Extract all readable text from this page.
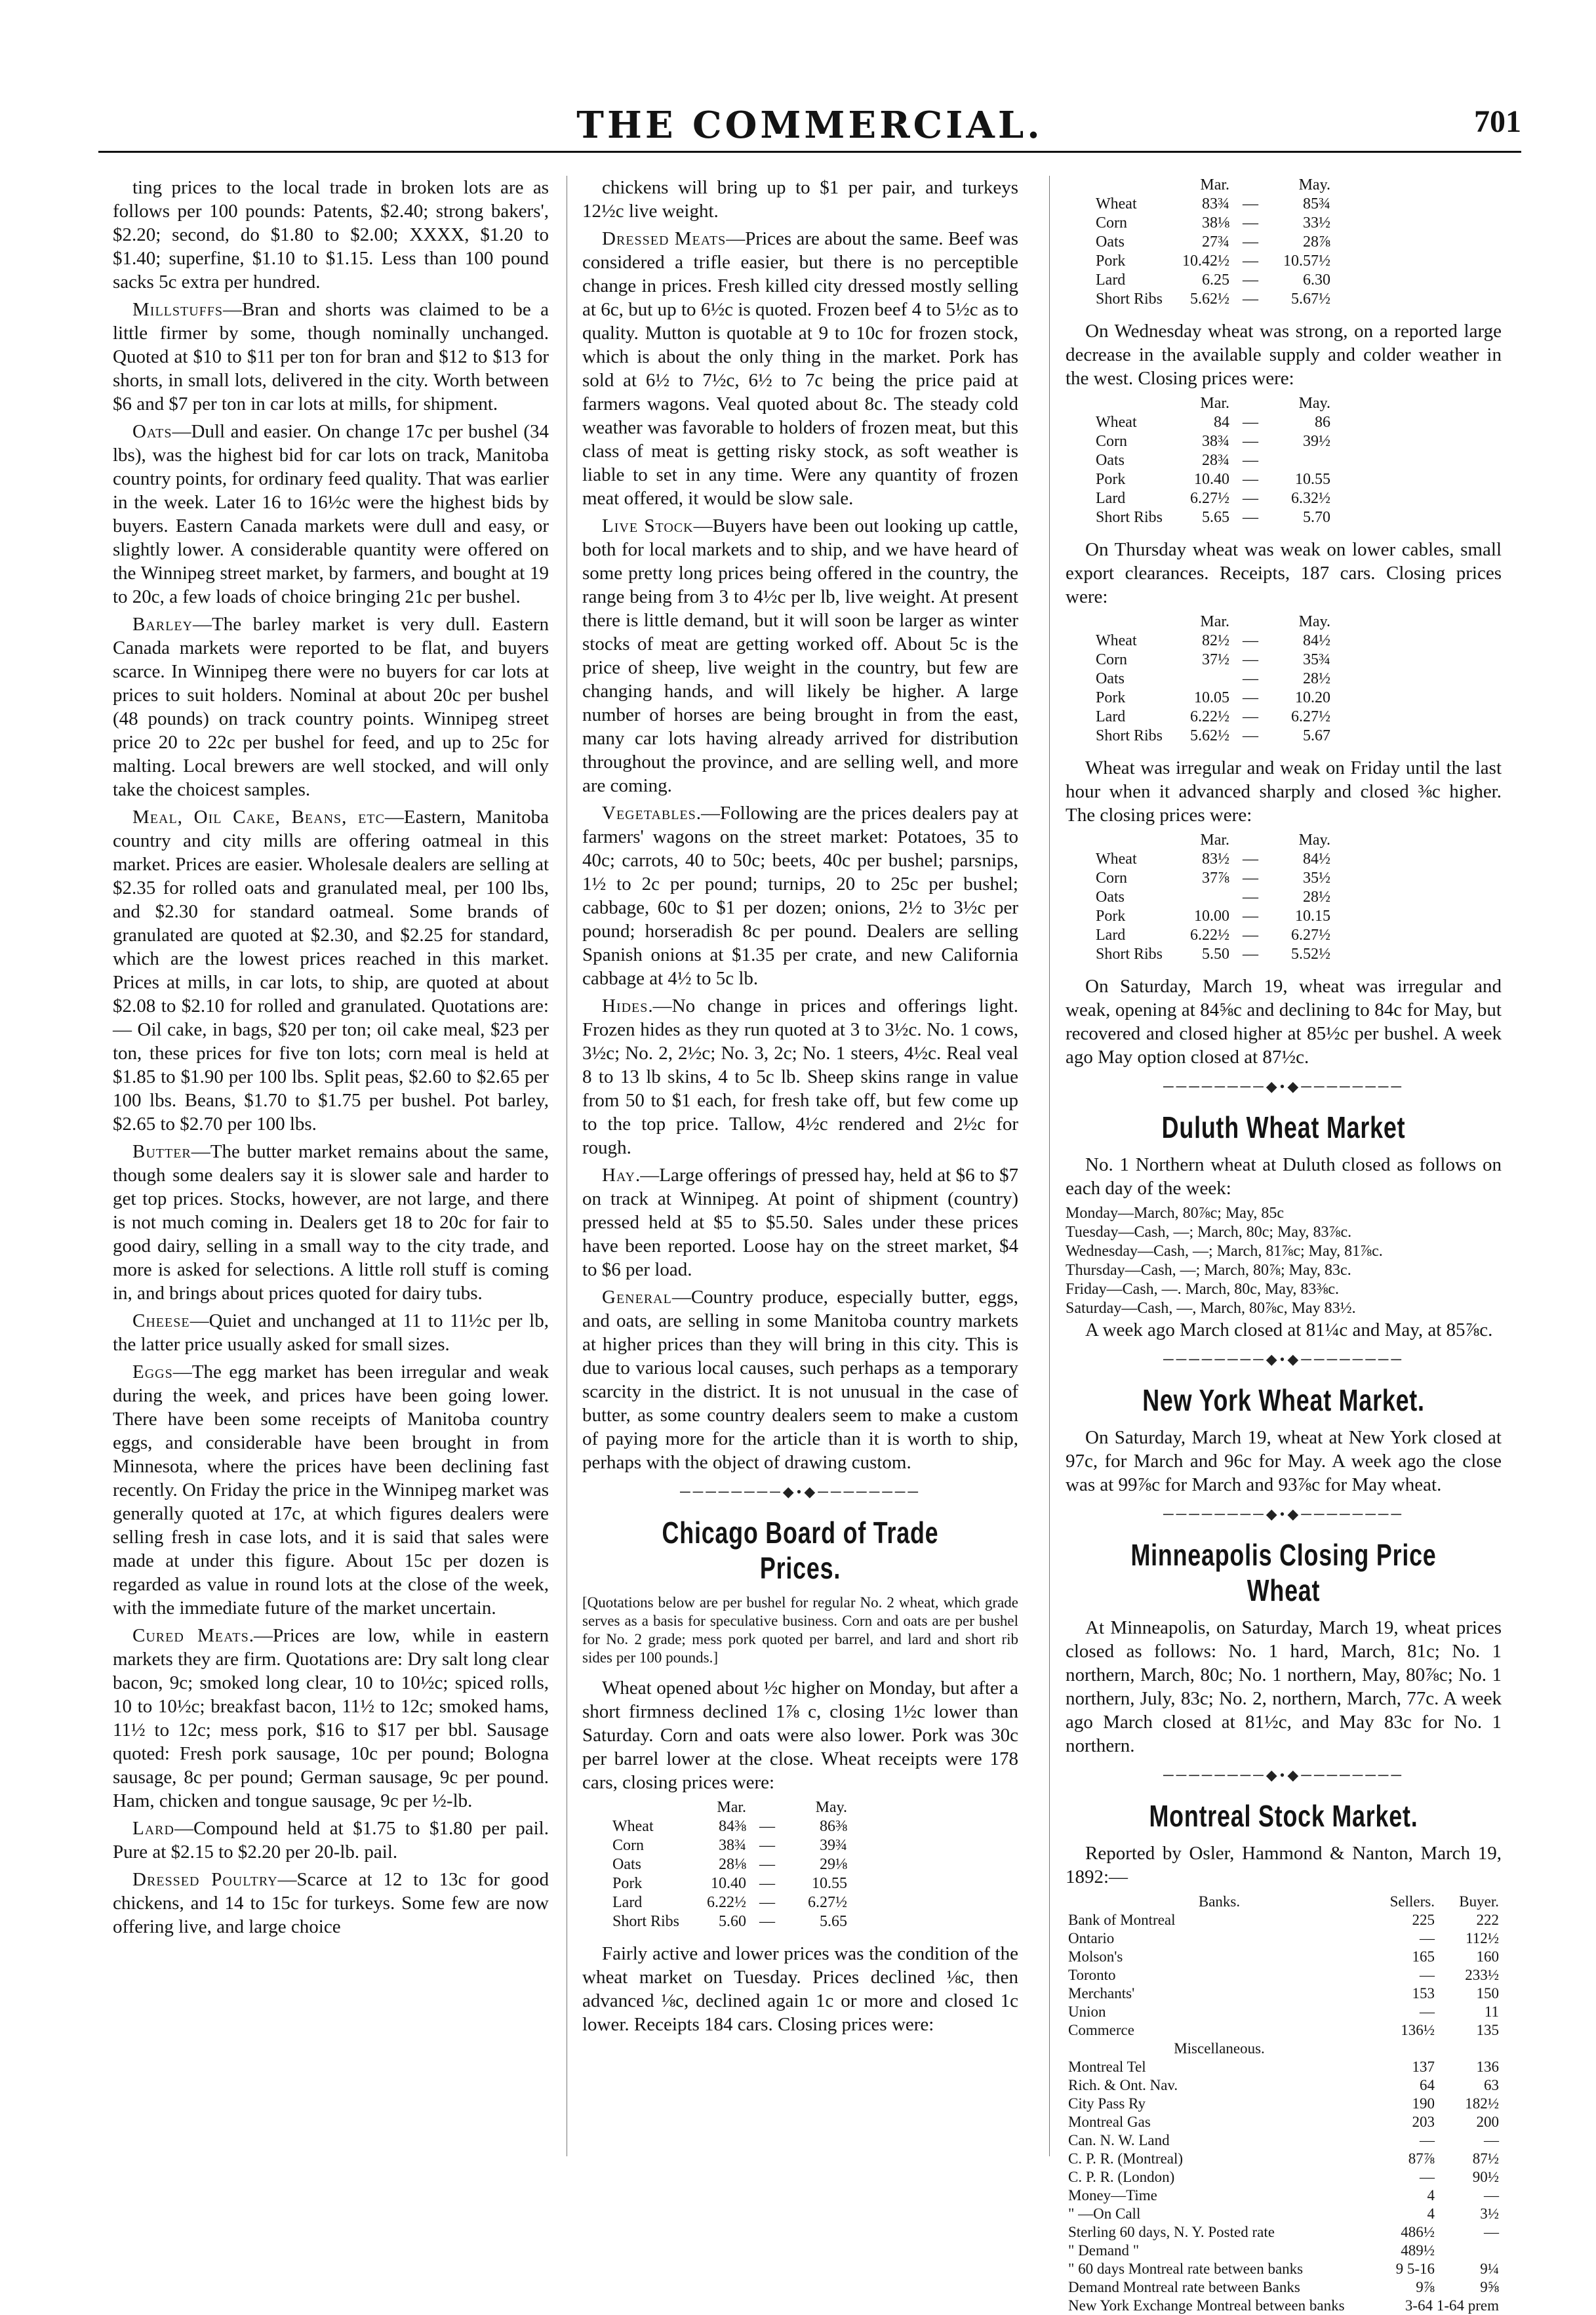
THE COMMERCIAL.	701

ting prices to the local trade in broken lots are as follows per 100 pounds: Patents, $2.40; strong bakers', $2.20; second, do $1.80 to $2.00; XXXX, $1.20 to $1.40; superfine, $1.10 to $1.15. Less than 100 pound sacks 5c extra per hundred.

Millstuffs—Bran and shorts was claimed to be a little firmer by some, though nominally unchanged. Quoted at $10 to $11 per ton for bran and $12 to $13 for shorts, in small lots, delivered in the city. Worth between $6 and $7 per ton in car lots at mills, for shipment.

Oats—Dull and easier. On change 17c per bushel (34 lbs), was the highest bid for car lots on track, Manitoba country points, for ordinary feed quality. That was earlier in the week. Later 16 to 16½c were the highest bids by buyers. Eastern Canada markets were dull and easy, or slightly lower. A considerable quantity were offered on the Winnipeg street market, by farmers, and bought at 19 to 20c, a few loads of choice bringing 21c per bushel.

Barley—The barley market is very dull. Eastern Canada markets were reported to be flat, and buyers scarce. In Winnipeg there were no buyers for car lots at prices to suit holders. Nominal at about 20c per bushel (48 pounds) on track country points. Winnipeg street price 20 to 22c per bushel for feed, and up to 25c for malting. Local brewers are well stocked, and will only take the choicest samples.

Meal, Oil Cake, Beans, etc—Eastern, Manitoba country and city mills are offering oatmeal in this market. Prices are easier. Wholesale dealers are selling at $2.35 for rolled oats and granulated meal, per 100 lbs, and $2.30 for standard oatmeal. Some brands of granulated are quoted at $2.30, and $2.25 for standard, which are the lowest prices reached in this market. Prices at mills, in car lots, to ship, are quoted at about $2.08 to $2.10 for rolled and granulated. Quotations are:— Oil cake, in bags, $20 per ton; oil cake meal, $23 per ton, these prices for five ton lots; corn meal is held at $1.85 to $1.90 per 100 lbs. Split peas, $2.60 to $2.65 per 100 lbs. Beans, $1.70 to $1.75 per bushel. Pot barley, $2.65 to $2.70 per 100 lbs.

Butter—The butter market remains about the same, though some dealers say it is slower sale and harder to get top prices. Stocks, however, are not large, and there is not much coming in. Dealers get 18 to 20c for fair to good dairy, selling in a small way to the city trade, and more is asked for selections. A little roll stuff is coming in, and brings about prices quoted for dairy tubs.

Cheese—Quiet and unchanged at 11 to 11½c per lb, the latter price usually asked for small sizes.

Eggs—The egg market has been irregular and weak during the week, and prices have been going lower. There have been some receipts of Manitoba country eggs, and considerable have been brought in from Minnesota, where the prices have been declining fast recently. On Friday the price in the Winnipeg market was generally quoted at 17c, at which figures dealers were selling fresh in case lots, and it is said that sales were made at under this figure. About 15c per dozen is regarded as value in round lots at the close of the week, with the immediate future of the market uncertain.

Cured Meats.—Prices are low, while in eastern markets they are firm. Quotations are: Dry salt long clear bacon, 9c; smoked long clear, 10 to 10½c; spiced rolls, 10 to 10½c; breakfast bacon, 11½ to 12c; smoked hams, 11½ to 12c; mess pork, $16 to $17 per bbl. Sausage quoted: Fresh pork sausage, 10c per pound; Bologna sausage, 8c per pound; German sausage, 9c per pound. Ham, chicken and tongue sausage, 9c per ½-lb.

Lard—Compound held at $1.75 to $1.80 per pail. Pure at $2.15 to $2.20 per 20-lb. pail.

Dressed Poultry—Scarce at 12 to 13c for good chickens, and 14 to 15c for turkeys. Some few are now offering live, and large choice

chickens will bring up to $1 per pair, and turkeys 12½c live weight.

Dressed Meats—Prices are about the same. Beef was considered a trifle easier, but there is no perceptible change in prices. Fresh killed city dressed mostly selling at 6c, but up to 6½c is quoted. Frozen beef 4 to 5½c as to quality. Mutton is quotable at 9 to 10c for frozen stock, which is about the only thing in the market. Pork has sold at 6½ to 7½c, 6½ to 7c being the price paid at farmers wagons. Veal quoted about 8c. The steady cold weather was favorable to holders of frozen meat, but this class of meat is getting risky stock, as soft weather is liable to set in any time. Were any quantity of frozen meat offered, it would be slow sale.

Live Stock—Buyers have been out looking up cattle, both for local markets and to ship, and we have heard of some pretty long prices being offered in the country, the range being from 3 to 4½c per lb, live weight. At present there is little demand, but it will soon be larger as winter stocks of meat are getting worked off. About 5c is the price of sheep, live weight in the country, but few are changing hands, and will likely be higher. A large number of horses are being brought in from the east, many car lots having already arrived for distribution throughout the province, and are selling well, and more are coming.

Vegetables.—Following are the prices dealers pay at farmers' wagons on the street market: Potatoes, 35 to 40c; carrots, 40 to 50c; beets, 40c per bushel; parsnips, 1½ to 2c per pound; turnips, 20 to 25c per bushel; cabbage, 60c to $1 per dozen; onions, 2½ to 3½c per pound; horseradish 8c per pound. Dealers are selling Spanish onions at $1.35 per crate, and new California cabbage at 4½ to 5c lb.

Hides.—No change in prices and offerings light. Frozen hides as they run quoted at 3 to 3½c. No. 1 cows, 3½c; No. 2, 2½c; No. 3, 2c; No. 1 steers, 4½c. Real veal 8 to 13 lb skins, 4 to 5c lb. Sheep skins range in value from 50 to $1 each, for fresh take off, but few come up to the top price. Tallow, 4½c rendered and 2½c for rough.

Hay.—Large offerings of pressed hay, held at $6 to $7 on track at Winnipeg. At point of shipment (country) pressed held at $5 to $5.50. Sales under these prices have been reported. Loose hay on the street market, $4 to $6 per load.

General—Country produce, especially butter, eggs, and oats, are selling in some Manitoba country markets at higher prices than they will bring in this city. This is due to various local causes, such perhaps as a temporary scarcity in the district. It is not unusual in the case of butter, as some country dealers seem to make a custom of paying more for the article than it is worth to ship, perhaps with the object of drawing custom.

────────◆•◆────────
Chicago Board of Trade Prices.

[Quotations below are per bushel for regular No. 2 wheat, which grade serves as a basis for speculative business. Corn and oats are per bushel for No. 2 grade; mess pork quoted per barrel, and lard and short rib sides per 100 pounds.]

Wheat opened about ½c higher on Monday, but after a short firmness declined 1⅞ c, closing 1½c lower than Saturday. Corn and oats were also lower. Pork was 30c per barrel lower at the close. Wheat receipts were 178 cars, closing prices were:

	Mar.		May.
Wheat	84⅜	—	86⅜
Corn	38¾	—	39¾
Oats	28⅛	—	29⅛
Pork	10.40	—	10.55
Lard	6.22½	—	6.27½
Short Ribs	5.60	—	5.65

Fairly active and lower prices was the condition of the wheat market on Tuesday. Prices declined ⅛c, then advanced ⅛c, declined again 1c or more and closed 1c lower. Receipts 184 cars. Closing prices were:

	Mar.		May.
Wheat	83¾	—	85¾
Corn	38⅛	—	33½
Oats	27¾	—	28⅞
Pork	10.42½	—	10.57½
Lard	6.25	—	6.30
Short Ribs	5.62½	—	5.67½

On Wednesday wheat was strong, on a reported large decrease in the available supply and colder weather in the west. Closing prices were:

	Mar.		May.
Wheat	84	—	86
Corn	38¾	—	39½
Oats	28¾	—	
Pork	10.40	—	10.55
Lard	6.27½	—	6.32½
Short Ribs	5.65	—	5.70

On Thursday wheat was weak on lower cables, small export clearances. Receipts, 187 cars. Closing prices were:

	Mar.		May.
Wheat	82½	—	84½
Corn	37½	—	35¾
Oats		—	28½
Pork	10.05	—	10.20
Lard	6.22½	—	6.27½
Short Ribs	5.62½	—	5.67

Wheat was irregular and weak on Friday until the last hour when it advanced sharply and closed ⅜c higher. The closing prices were:

	Mar.		May.
Wheat	83½	—	84½
Corn	37⅞	—	35½
Oats		—	28½
Pork	10.00	—	10.15
Lard	6.22½	—	6.27½
Short Ribs	5.50	—	5.52½

On Saturday, March 19, wheat was irregular and weak, opening at 84⅝c and declining to 84c for May, but recovered and closed higher at 85½c per bushel. A week ago May option closed at 87½c.

────────◆•◆────────
Duluth Wheat Market

No. 1 Northern wheat at Duluth closed as follows on each day of the week:

Monday—March, 80⅞c; May, 85c
Tuesday—Cash, —; March, 80c; May, 83⅞c.
Wednesday—Cash, —; March, 81⅞c; May, 81⅞c.
Thursday—Cash, —; March, 80⅞; May, 83c.
Friday—Cash, —. March, 80c, May, 83⅜c.
Saturday—Cash, —, March, 80⅞c, May 83½.

A week ago March closed at 81¼c and May, at 85⅞c.

────────◆•◆────────
New York Wheat Market.

On Saturday, March 19, wheat at New York closed at 97c, for March and 96c for May. A week ago the close was at 99⅞c for March and 93⅞c for May wheat.

────────◆•◆────────
Minneapolis Closing Price Wheat

At Minneapolis, on Saturday, March 19, wheat prices closed as follows: No. 1 hard, March, 81c; No. 1 northern, March, 80c; No. 1 northern, May, 80⅞c; No. 1 northern, July, 83c; No. 2, northern, March, 77c. A week ago March closed at 81½c, and May 83c for No. 1 northern.

────────◆•◆────────
Montreal Stock Market.

Reported by Osler, Hammond & Nanton, March 19, 1892:—

Banks.	Sellers.	Buyer.
Bank of Montreal	225	222
Ontario	—	112½
Molson's	165	160
Toronto	—	233½
Merchants'	153	150
Union	—	11
Commerce	136½	135
Miscellaneous.		
Montreal Tel	137	136
Rich. & Ont. Nav.	64	63
City Pass Ry	190	182½
Montreal Gas	203	200
Can. N. W. Land	—	—
C. P. R. (Montreal)	87⅞	87½
C. P. R. (London)	—	90½
Money—Time	4	—
" —On Call	4	3½
Sterling 60 days, N. Y. Posted rate	486½	—
" Demand "	489½	
" 60 days Montreal rate between banks	9 5-16	9¼
Demand Montreal rate between Banks	9⅞	9⅝
New York Exchange Montreal between banks	3-64 1-64 prem	
